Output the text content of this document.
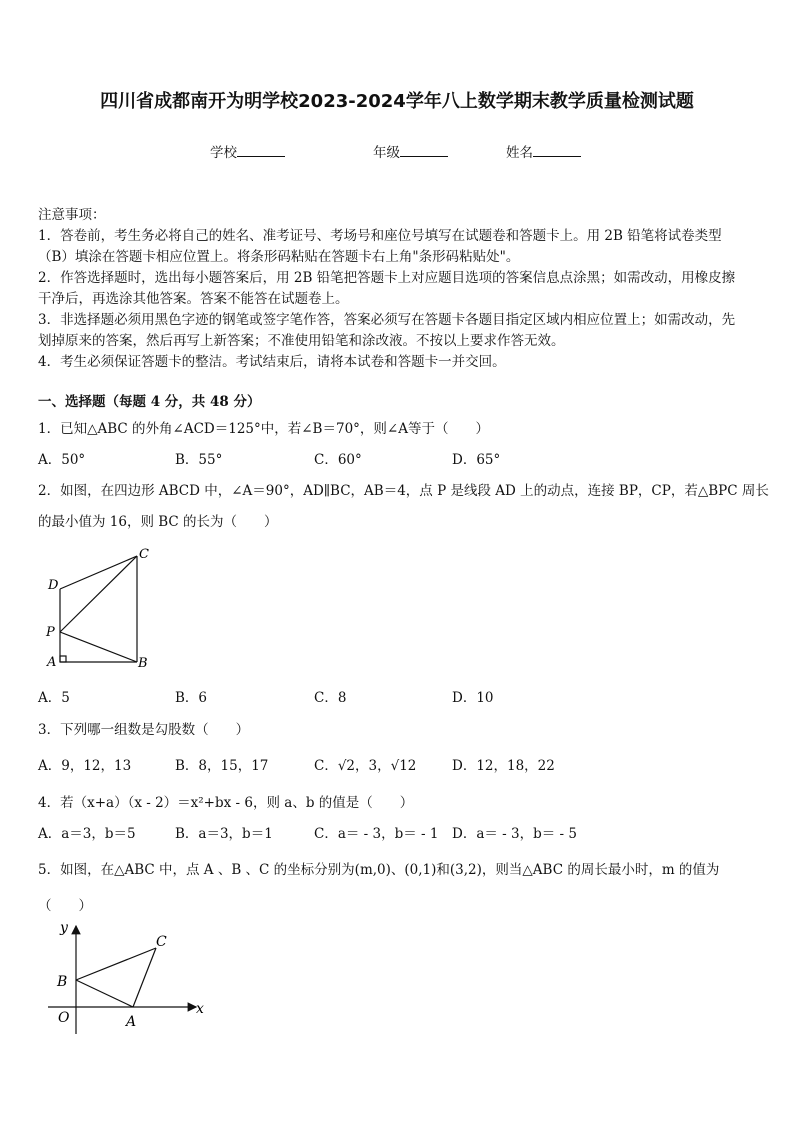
四川省成都南开为明学校2023-2024学年八上数学期末教学质量检测试题
学校	年级	姓名
注意事项：
1．答卷前，考生务必将自己的姓名、准考证号、考场号和座位号填写在试题卷和答题卡上。用 2B 铅笔将试卷类型
（B）填涂在答题卡相应位置上。将条形码粘贴在答题卡右上角"条形码粘贴处"。
2．作答选择题时，选出每小题答案后，用 2B 铅笔把答题卡上对应题目选项的答案信息点涂黑；如需改动，用橡皮擦
干净后，再选涂其他答案。答案不能答在试题卷上。
3．非选择题必须用黑色字迹的钢笔或签字笔作答，答案必须写在答题卡各题目指定区域内相应位置上；如需改动，先
划掉原来的答案，然后再写上新答案；不准使用铅笔和涂改液。不按以上要求作答无效。
4．考生必须保证答题卡的整洁。考试结束后，请将本试卷和答题卡一并交回。
一、选择题（每题 4 分，共 48 分）
1．已知△ABC 的外角∠ACD＝125°中，若∠B＝70°，则∠A等于（　　）
A．50°	B．55°	C．60°	D．65°
2．如图，在四边形 ABCD 中，∠A＝90°，AD∥BC，AB＝4，点 P 是线段 AD 上的动点，连接 BP，CP，若△BPC 周长
的最小值为 16，则 BC 的长为（　　）
C
D
P
A	B
A．5	B．6	C．8	D．10
3．下列哪一组数是勾股数（　　）
A．9，12，13	B．8，15，17	C．√2，3，√12	D．12，18，22
4．若（x+a）（x - 2）＝x²+bx - 6，则 a、b 的值是（　　）
A．a＝3，b＝5	B．a＝3，b＝1	C．a＝ - 3，b＝ - 1 D．a＝ - 3，b＝ - 5
5．如图，在△ABC 中，点 A 、B 、C 的坐标分别为(m,0)、(0,1)和(3,2)，则当△ABC 的周长最小时，m 的值为
（　　）
y
x
C
B
O	A
